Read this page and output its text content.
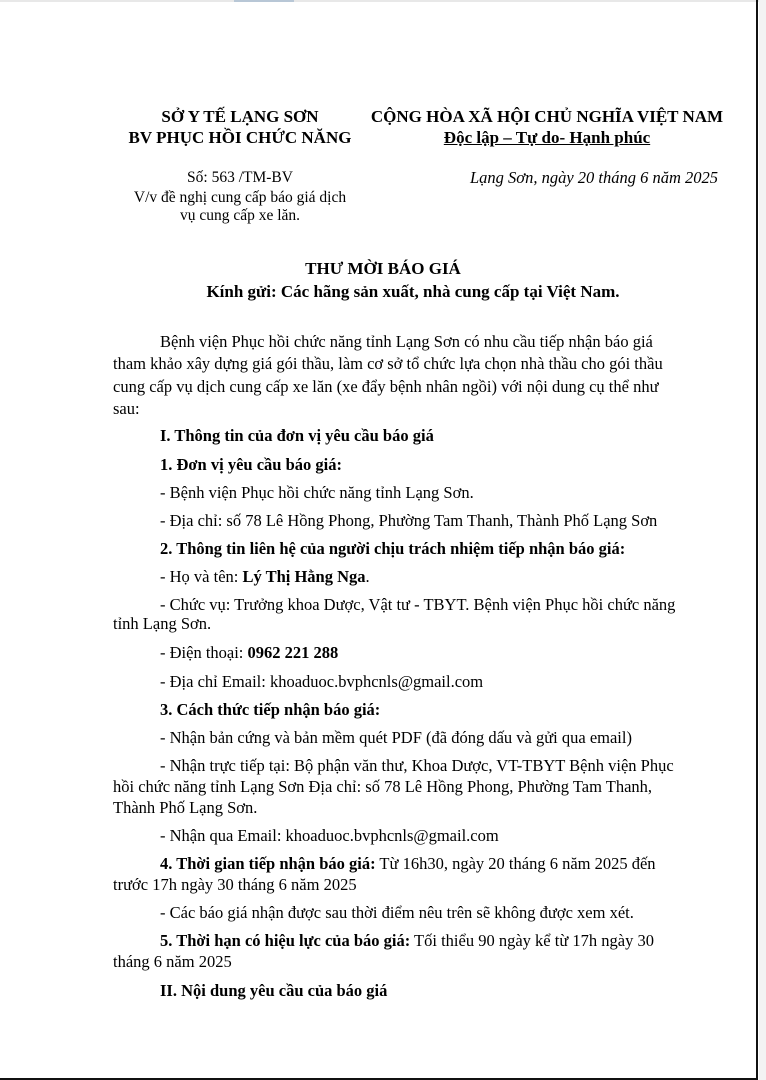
SỞ Y TẾ LẠNG SƠN
BV PHỤC HỒI CHỨC NĂNG
CỘNG HÒA XÃ HỘI CHỦ NGHĨA VIỆT NAM
Độc lập – Tự do- Hạnh phúc
Số: 563 /TM-BV
V/v đề nghị cung cấp báo giá dịch
vụ cung cấp xe lăn.
Lạng Sơn, ngày 20 tháng 6 năm 2025
THƯ MỜI BÁO GIÁ
Kính gửi: Các hãng sản xuất, nhà cung cấp tại Việt Nam.
Bệnh viện Phục hồi chức năng tỉnh Lạng Sơn có nhu cầu tiếp nhận báo giá
tham khảo xây dựng giá gói thầu, làm cơ sở tổ chức lựa chọn nhà thầu cho gói thầu
cung cấp vụ dịch cung cấp xe lăn (xe đẩy bệnh nhân ngồi) với nội dung cụ thể như
sau:
I. Thông tin của đơn vị yêu cầu báo giá
1. Đơn vị yêu cầu báo giá:
- Bệnh viện Phục hồi chức năng tỉnh Lạng Sơn.
- Địa chỉ: số 78 Lê Hồng Phong, Phường Tam Thanh, Thành Phố Lạng Sơn
2. Thông tin liên hệ của người chịu trách nhiệm tiếp nhận báo giá:
- Họ và tên: Lý Thị Hằng Nga.
- Chức vụ: Trưởng khoa Dược, Vật tư - TBYT. Bệnh viện Phục hồi chức năng
tỉnh Lạng Sơn.
- Điện thoại: 0962 221 288
- Địa chỉ Email: khoaduoc.bvphcnls@gmail.com
3. Cách thức tiếp nhận báo giá:
- Nhận bản cứng và bản mềm quét PDF (đã đóng dấu và gửi qua email)
- Nhận trực tiếp tại: Bộ phận văn thư, Khoa Dược, VT-TBYT Bệnh viện Phục
hồi chức năng tỉnh Lạng Sơn Địa chỉ: số 78 Lê Hồng Phong, Phường Tam Thanh,
Thành Phố Lạng Sơn.
- Nhận qua Email: khoaduoc.bvphcnls@gmail.com
4. Thời gian tiếp nhận báo giá: Từ 16h30, ngày 20 tháng 6 năm 2025 đến
trước 17h ngày 30 tháng 6 năm 2025
- Các báo giá nhận được sau thời điểm nêu trên sẽ không được xem xét.
5. Thời hạn có hiệu lực của báo giá: Tối thiểu 90 ngày kể từ 17h ngày 30
tháng 6 năm 2025
II. Nội dung yêu cầu của báo giá
